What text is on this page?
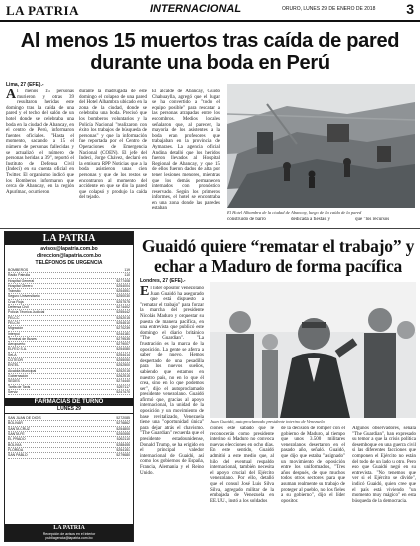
LA PATRIA	INTERNACIONAL	ORURO, LUNES 29 DE ENERO DE 2018 3
Al menos 15 muertos tras caída de pared durante una boda en Perú
Lima, 27 (EFE).-
Al menos 15 personas murieron y otras 39 resultaron heridas este domingo tras la caída de una pared y el techo del salón de un hotel donde se celebraba una boda en la ciudad de Abancay, en el centro de Perú, informaron fuentes oficiales. "Hasta el momento, sacando a 15 el número de personas fallecidas y se actualizó el número de personas heridas a 39", reportó el Instituto de Defensa Civil (Indeci) en su cuenta oficial en Twitter. El organismo indicó que los Bomberos informaron que cerca de Abancay, en la región Apurímac, ocurrieron
durante la madrugada de este domingo el colapso de una pared del Hotel Alhambra ubicado en la zona de la ciudad, donde se celebraba una boda. Precisó que los bomberos voluntarios y la Policía Nacional "realizaron con éxito los trabajos de búsqueda de personas" y que la información fue reportada por el Centro de Operaciones de Emergencia Nacional (COEN). El jefe del Indeci, Jorge Chávez, declaró en la emisora RPP Noticias que a la boda asistieron unas cien personas y que de los restos se encontraron al momento del accidente en que se dio la pared que colapsó y produjo la caída del tejado.
El alcalde de Abancay, Guido Chahuaylla, agregó que el lugar se ha convertido a "todo el equipo posible" para rescatar a las personas atrapadas entre los escombros. Medios locales señalaron que, al parecer, la mayoría de los asistentes a la boda eran profesores que trabajaban en la provincia de Aymaraes. La agencia oficial Andina detalló que los heridos fueron llevados al Hospital Regional de Abancay, y que 15 de ellos fueron dados de alta por tener lesiones menores, mientras que los demás permanecen internados con pronóstico reservado. Según los primeros informes, el hotel se encontraba en una zona donde las paredes estaban
El Hotel Alhambra de la ciudad de Abancay, luego de la caída de la pared
construido de barro	dedicada a fiestas y	que "los recursos
LA PATRIA
avisos@lapatria.com.bo
direccion@lapatria.com.bo
TELÉFONOS DE URGENCIA
BOMBEROS	119
Radio Patrulla	110
Hospital General	5277408
Hospital Obrero	5254004
Tránsito	5254551
Seguro Universitario	5250030
Cruz Roja	5257575
Defensa Civil	5274402
Policía Técnica Judicial	5255442
FELCC	5252015
FELCN	5254510
Migración	5270239
Interpol	5244181
Terminal de Buses	5279535
Aeropuerto	5279007
ELFEO S.A.	5254080
SeLA	5254414
COTEOR	5255050
ENTEL	5252500
Alcaldía Municipal	5252015
Gobernación	5262515
SEDES	5274440
Tarifa de Taxis	5257117
Serviz	5247470
FARMACIAS DE TURNO
LUNES 29
SAN JUAN DE DIOS	5272085
BOLIVAR	5276862
SANTA CRUZ	5254800
SANTA FE	5250555
EL PRADO	5262110
BOLIVIA	5288455
FLORIDA	5254151
SAN PABLO	5279680
LA PATRIA
Recepción de avisos en el interior
publiagencia@lapatria.com.bo
Guaidó quiere “rematar el trabajo” y echar a Maduro de forma pacífica
Londres, 27 (EFE).-
El líder opositor venezolano Juan Guaidó ha asegurado que está dispuesto a "rematar el trabajo" para forzar la marcha del presidente Nicolás Maduro y orquestar su puesta de manera pacífica, en una entrevista que publicó este domingo el diario británico "The Guardian". "La frustración es la marca de la oposición. La gente se aferra a saber de nuevo. Hemos despertado de una pesadilla para los nuevos sueños, sabiendo que estamos en nuestro país, no en lo que él crea, sino en lo que podemos ser", dijo el autoproclamado presidente venezolano. Guaidó afirmó que, gracias al apoyo internacional, la unidad de la oposición y un movimiento de base revitalizado, Venezuela tiene una "oportunidad única" para dejar atrás el chavismo. "The Guardian" recuerda que el presidente estadounidense, Donald Trump, se ha erigido en el principal valedor internacional de Guaidó, así como los gobiernos de España, Francia, Alemania y el Reino Unido.
Juan Guaidó, autoproclamado presidente interino de Venezuela
ciones este sábado que le reconocerán como presidente interino si Maduro no convoca nuevas elecciones en ocho días. En este sentido, Guaidó admitió a este medio que, al hilo del eventual respaldo internacional, también necesita el apoyo crucial del Ejército venezolano. Por ello, detalló que el consul José Luis Silva Silva, agregado militar de la embajada de Venezuela en EE.UU., instó a los soldados
de la decisión de romper con el gobierno de Maduro, al tiempo que unos 3.500 militares venezolanos desertaron en el pasado año, señaló. Guaidó, que dijo que estaba "asignado" un movimiento de oposición entre los uniformados, "Tres años después, de que muchos todos otros sectores para que asuman realmente su trabajo de proteger al pueblo, no los fieles a su gobierno", dijo el líder opositor.
Algunos observadores, señala "The Guardian", han expresado su temor a que la crisis política desemboque en una guerra civil si las diferentes facciones que componen el Ejército no están del todo de un lado u otro. Pero eso que Guaidó negó en su entrevista. "No tenemos que ver si el Ejército se divide", indicó Guaidó, quien cree que el país está viviendo "un momento muy mágico" en esta búsqueda de la democracia.
